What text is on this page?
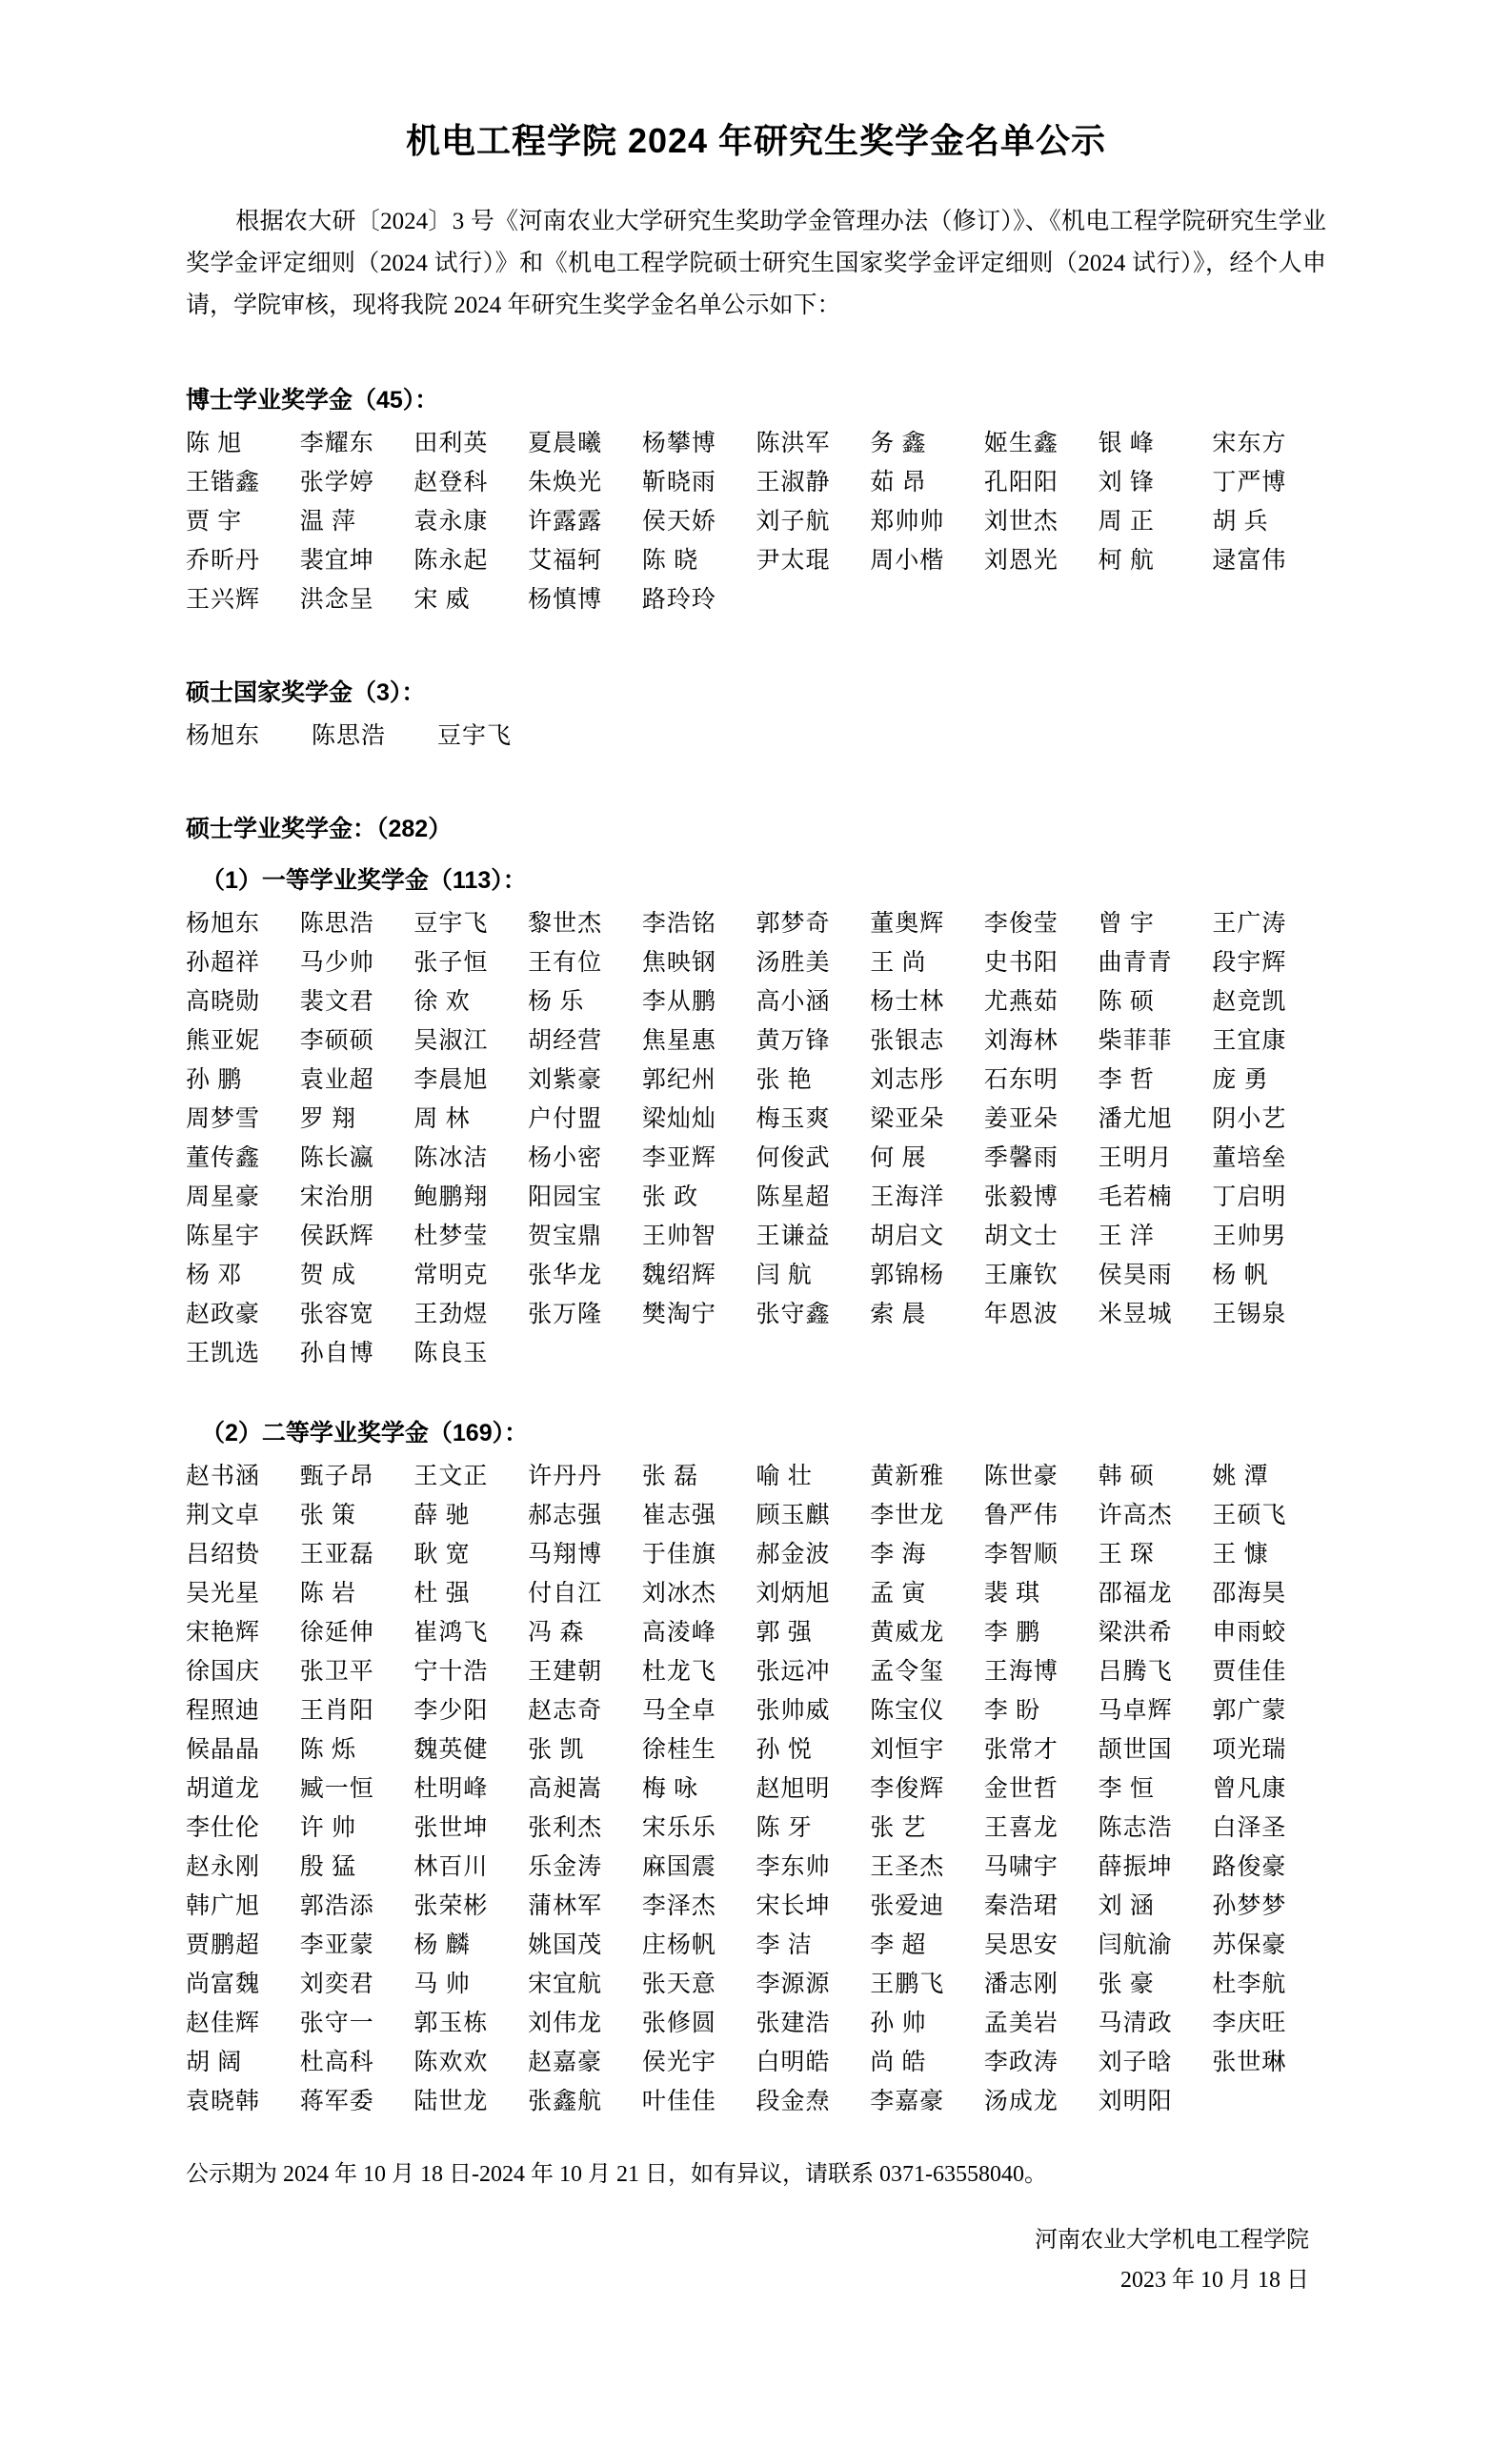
机电工程学院 2024 年研究生奖学金名单公示

根据农大研〔2024〕3 号《河南农业大学研究生奖助学金管理办法（修订）》、《机电工程学院研究生学业奖学金评定细则（2024 试行）》和《机电工程学院硕士研究生国家奖学金评定细则（2024 试行）》，经个人申请，学院审核，现将我院 2024 年研究生奖学金名单公示如下：

博士学业奖学金（45）：
陈 旭	李耀东	田利英	夏晨曦	杨攀博	陈洪军	务 鑫	姬生鑫	银 峰	宋东方
王锴鑫	张学婷	赵登科	朱焕光	靳晓雨	王淑静	茹 昂	孔阳阳	刘 锋	丁严博
贾 宇	温 萍	袁永康	许露露	侯天娇	刘子航	郑帅帅	刘世杰	周 正	胡 兵
乔昕丹	裴宜坤	陈永起	艾福轲	陈 晓	尹太琨	周小楷	刘恩光	柯 航	逯富伟
王兴辉	洪念呈	宋 威	杨慎博	路玲玲
硕士国家奖学金（3）：
杨旭东 陈思浩 豆宇飞
硕士学业奖学金：（282）
（1）一等学业奖学金（113）：
杨旭东	陈思浩	豆宇飞	黎世杰	李浩铭	郭梦奇	董奥辉	李俊莹	曾 宇	王广涛
孙超祥	马少帅	张子恒	王有位	焦映钢	汤胜美	王 尚	史书阳	曲青青	段宇辉
高晓勋	裴文君	徐 欢	杨 乐	李从鹏	高小涵	杨士林	尤燕茹	陈 硕	赵竞凯
熊亚妮	李硕硕	吴淑江	胡经营	焦星惠	黄万锋	张银志	刘海林	柴菲菲	王宜康
孙 鹏	袁业超	李晨旭	刘紫豪	郭纪州	张 艳	刘志彤	石东明	李 哲	庞 勇
周梦雪	罗 翔	周 林	户付盟	梁灿灿	梅玉爽	梁亚朵	姜亚朵	潘尤旭	阴小艺
董传鑫	陈长瀛	陈冰洁	杨小密	李亚辉	何俊武	何 展	季馨雨	王明月	董培垒
周星豪	宋治朋	鲍鹏翔	阳园宝	张 政	陈星超	王海洋	张毅博	毛若楠	丁启明
陈星宇	侯跃辉	杜梦莹	贺宝鼎	王帅智	王谦益	胡启文	胡文士	王 洋	王帅男
杨 邓	贺 成	常明克	张华龙	魏绍辉	闫 航	郭锦杨	王廉钦	侯昊雨	杨 帆
赵政豪	张容宽	王劲煜	张万隆	樊淘宁	张守鑫	索 晨	年恩波	米昱城	王锡泉
王凯选	孙自博	陈良玉
（2）二等学业奖学金（169）：
赵书涵	甄子昂	王文正	许丹丹	张 磊	喻 壮	黄新雅	陈世豪	韩 硕	姚 潭
荆文卓	张 策	薛 驰	郝志强	崔志强	顾玉麒	李世龙	鲁严伟	许高杰	王硕飞
吕绍贽	王亚磊	耿 宽	马翔博	于佳旗	郝金波	李 海	李智顺	王 琛	王 慷
吴光星	陈 岩	杜 强	付自江	刘冰杰	刘炳旭	孟 寅	裴 琪	邵福龙	邵海昊
宋艳辉	徐延伸	崔鸿飞	冯 森	高淩峰	郭 强	黄威龙	李 鹏	梁洪希	申雨蛟
徐国庆	张卫平	宁十浩	王建朝	杜龙飞	张远冲	孟令玺	王海博	吕腾飞	贾佳佳
程照迪	王肖阳	李少阳	赵志奇	马全卓	张帅威	陈宝仪	李 盼	马卓辉	郭广蒙
候晶晶	陈 烁	魏英健	张 凯	徐桂生	孙 悦	刘恒宇	张常才	颉世国	项光瑞
胡道龙	臧一恒	杜明峰	高昶嵩	梅 咏	赵旭明	李俊辉	金世哲	李 恒	曾凡康
李仕伦	许 帅	张世坤	张利杰	宋乐乐	陈 牙	张 艺	王喜龙	陈志浩	白泽圣
赵永刚	殷 猛	林百川	乐金涛	麻国震	李东帅	王圣杰	马啸宇	薛振坤	路俊豪
韩广旭	郭浩添	张荣彬	蒲林军	李泽杰	宋长坤	张爱迪	秦浩珺	刘 涵	孙梦梦
贾鹏超	李亚蒙	杨 麟	姚国茂	庄杨帆	李 洁	李 超	吴思安	闫航渝	苏保豪
尚富魏	刘奕君	马 帅	宋宜航	张天意	李源源	王鹏飞	潘志刚	张 豪	杜李航
赵佳辉	张守一	郭玉栋	刘伟龙	张修圆	张建浩	孙 帅	孟美岩	马清政	李庆旺
胡 阔	杜高科	陈欢欢	赵嘉豪	侯光宇	白明皓	尚 皓	李政涛	刘子晗	张世琳
袁晓韩	蒋军委	陆世龙	张鑫航	叶佳佳	段金焘	李嘉豪	汤成龙	刘明阳

公示期为 2024 年 10 月 18 日-2024 年 10 月 21 日，如有异议，请联系 0371-63558040。

河南农业大学机电工程学院
2023 年 10 月 18 日
